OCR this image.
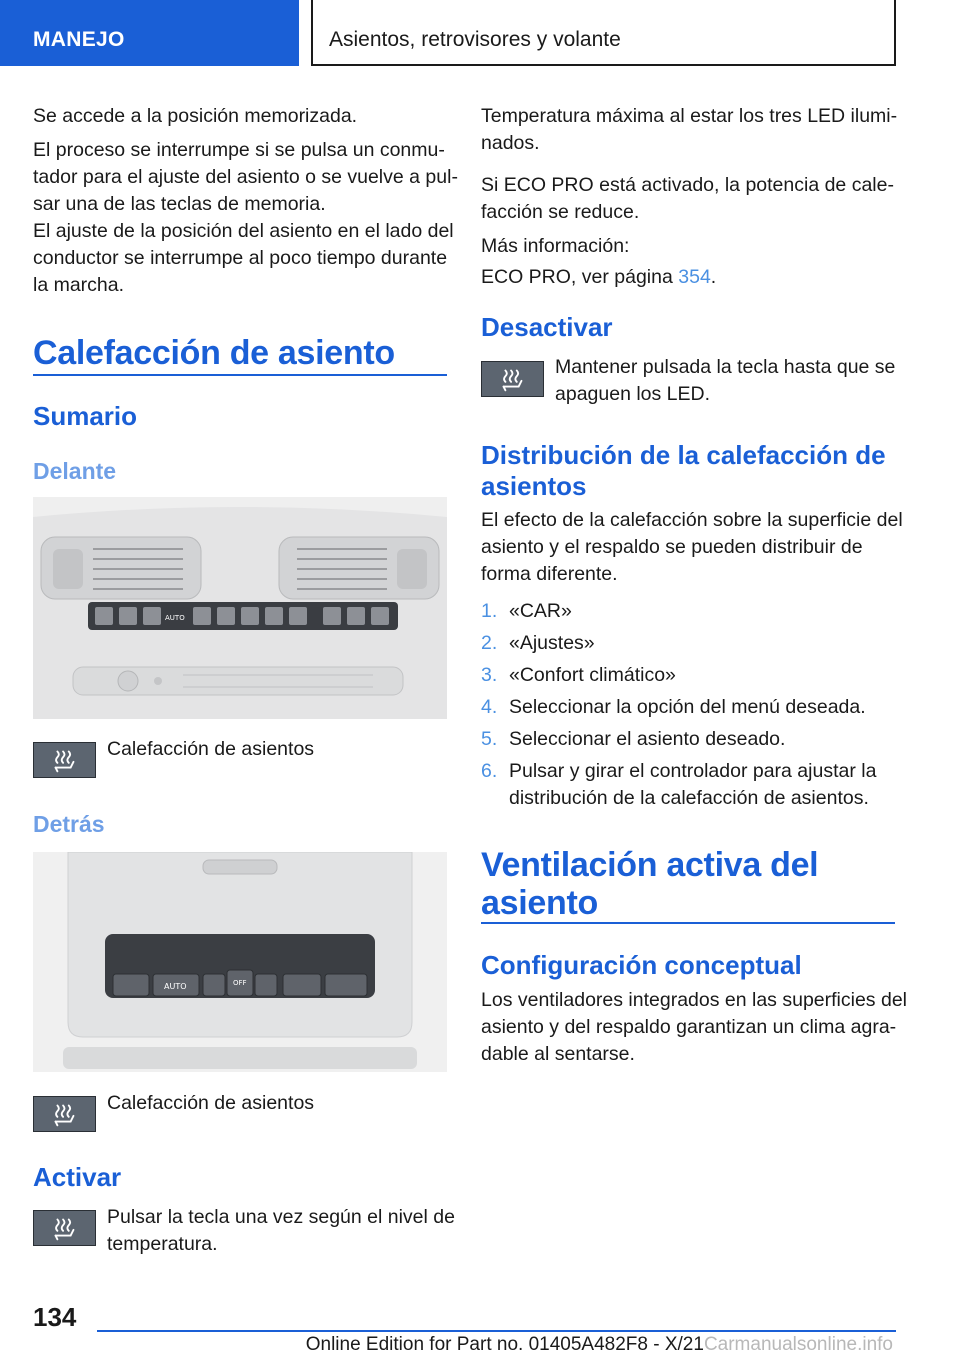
MANEJO	Asientos, retrovisores y volante
Se accede a la posición memorizada.
El proceso se interrumpe si se pulsa un conmu‐
tador para el ajuste del asiento o se vuelve a pul‐
sar una de las teclas de memoria.
El ajuste de la posición del asiento en el lado del
conductor se interrumpe al poco tiempo durante
la marcha.
Calefacción de asiento
Sumario
Delante
AUTO
Calefacción de asientos
Detrás
AUTO	OFF
Calefacción de asientos
Activar
Pulsar la tecla una vez según el nivel de
temperatura.
Temperatura máxima al estar los tres LED ilumi‐
nados.
Si ECO PRO está activado, la potencia de cale‐
facción se reduce.
Más información:
ECO PRO, ver página 354.
Desactivar
Mantener pulsada la tecla hasta que se
apaguen los LED.
Distribución de la calefacción de
asientos
El efecto de la calefacción sobre la superficie del
asiento y el respaldo se pueden distribuir de
forma diferente.
1. «CAR»
2. «Ajustes»
3. «Confort climático»
4. Seleccionar la opción del menú deseada.
5. Seleccionar el asiento deseado.
6. Pulsar y girar el controlador para ajustar la
distribución de la calefacción de asientos.
Ventilación activa del
asiento
Configuración conceptual
Los ventiladores integrados en las superficies del
asiento y del respaldo garantizan un clima agra‐
dable al sentarse.
134
Online Edition for Part no. 01405A482F8 - X/21Carmanualsonline.info
